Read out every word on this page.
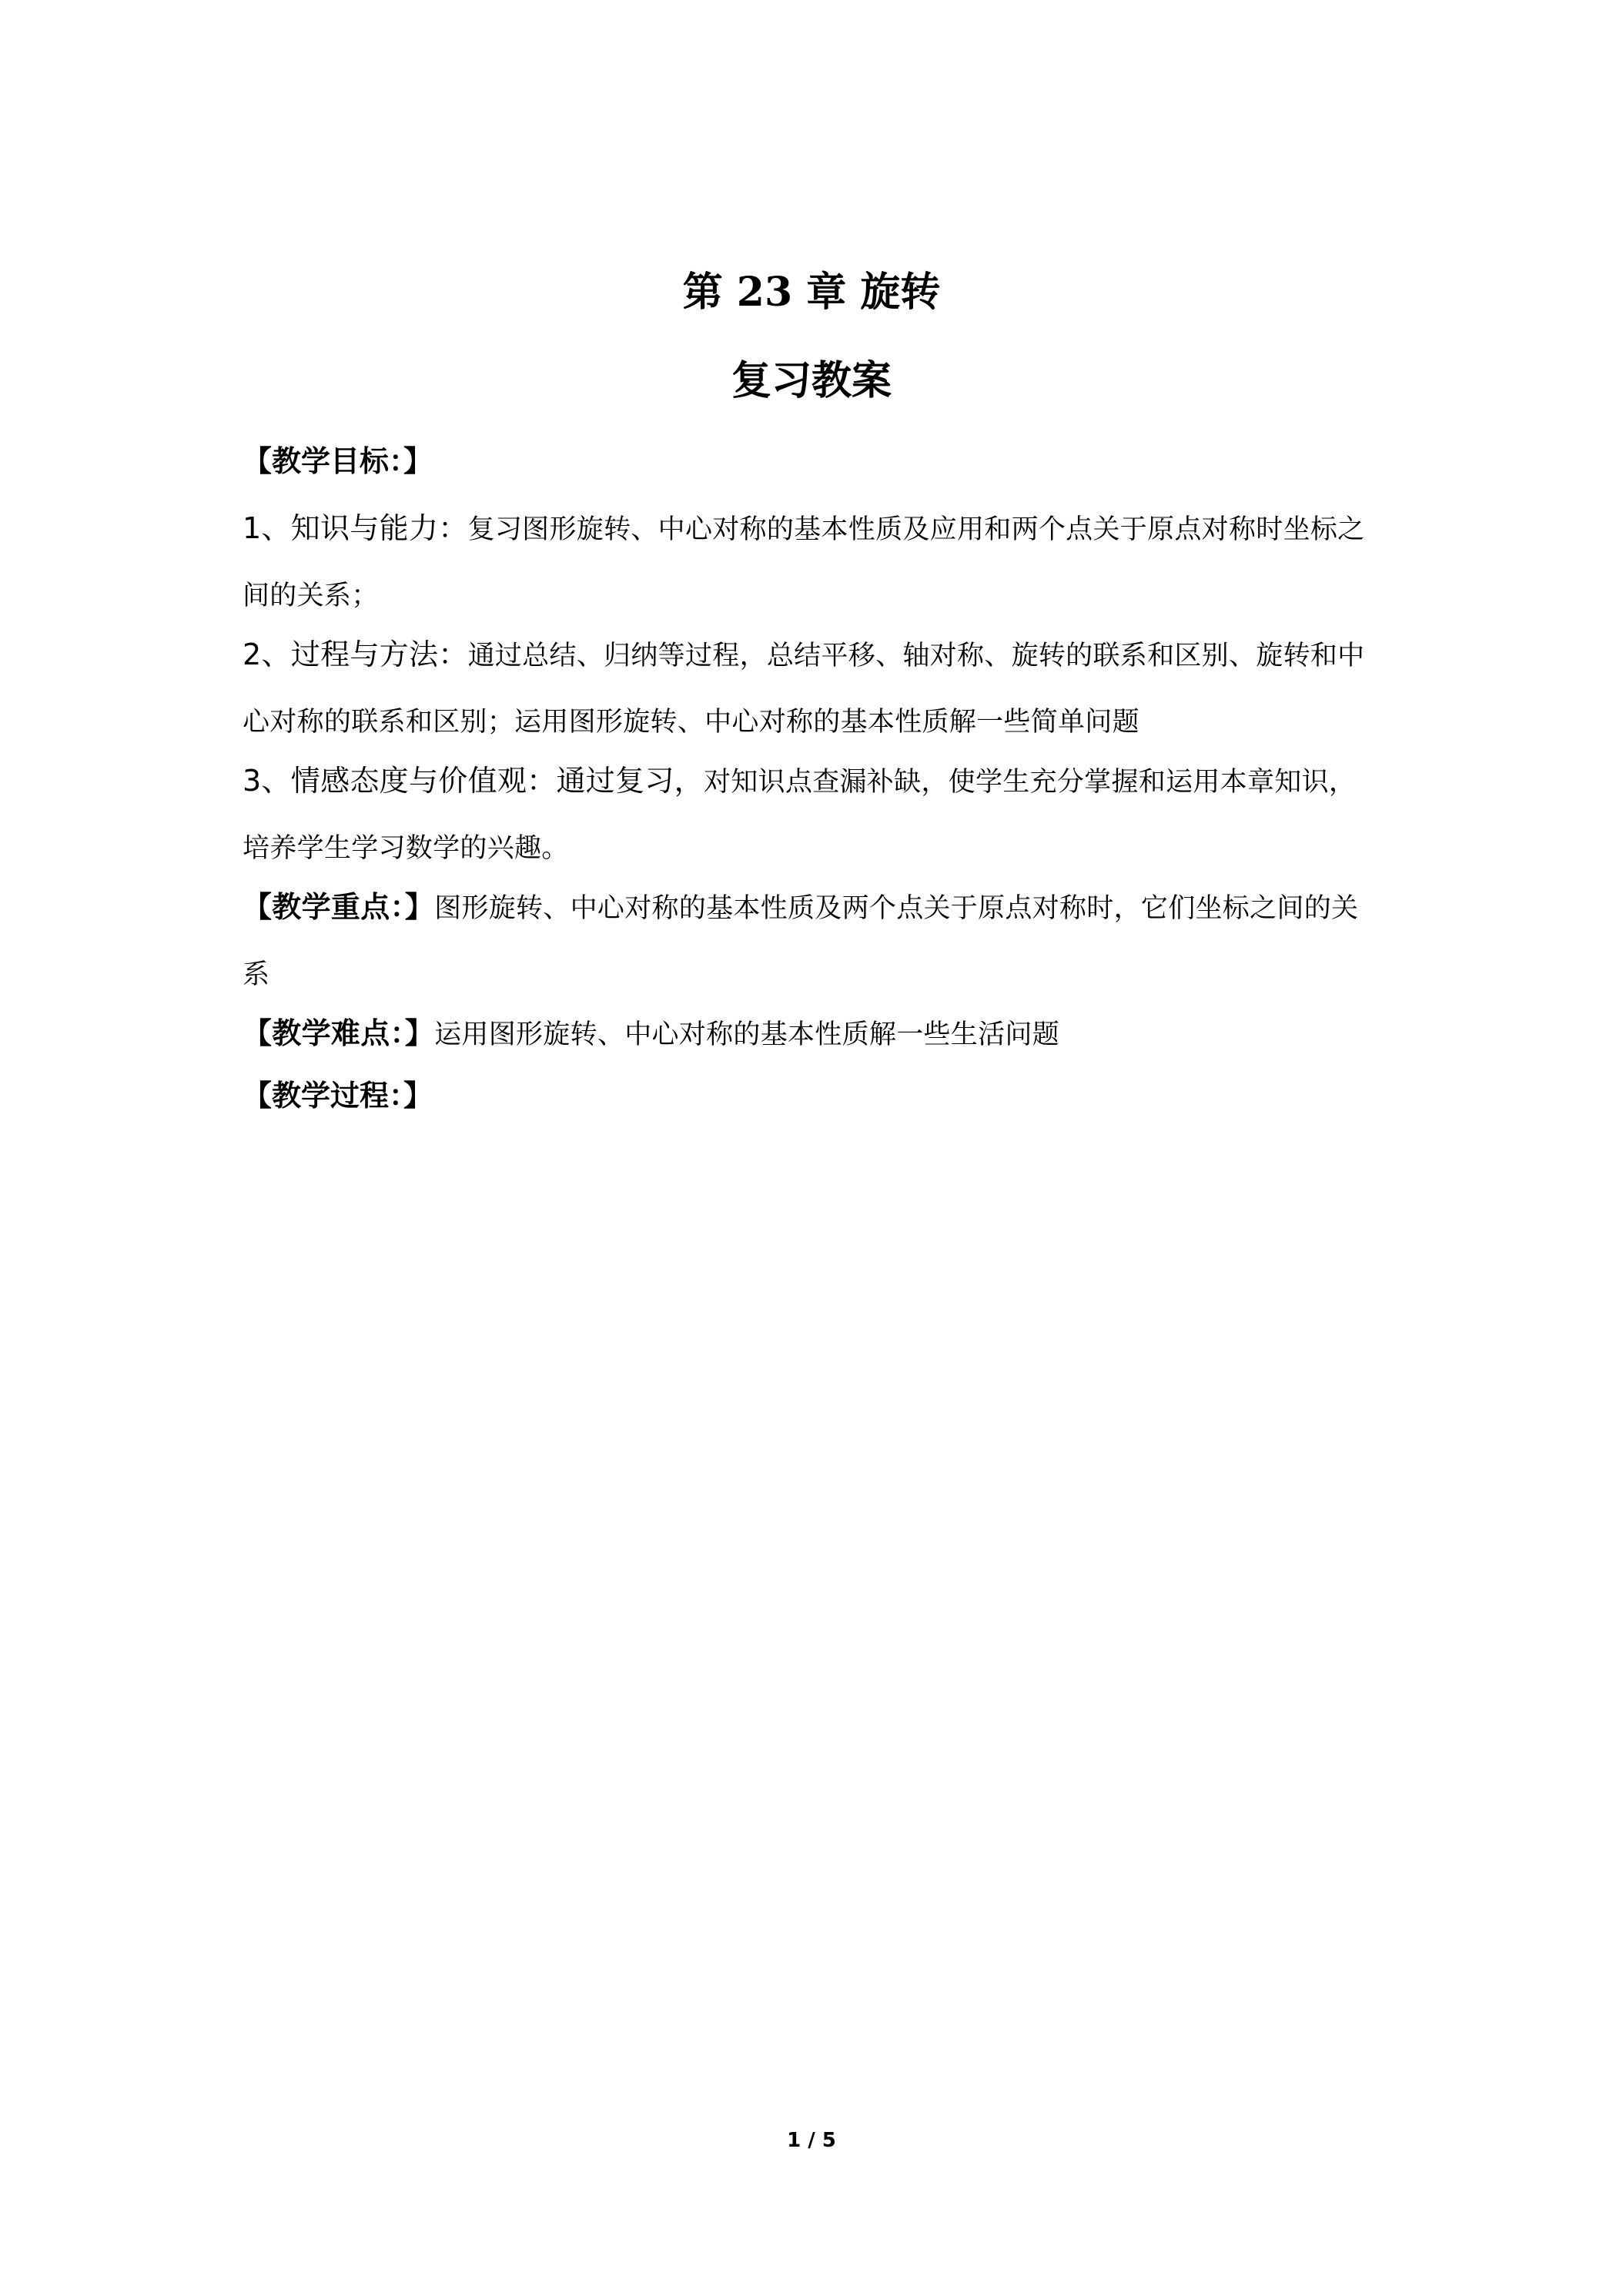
第 23 章 旋转
复习教案
【教学目标：】
1、知识与能力：复习图形旋转、中心对称的基本性质及应用和两个点关于原点对称时坐标之间的关系；
2、过程与方法：通过总结、归纳等过程，总结平移、轴对称、旋转的联系和区别、旋转和中心对称的联系和区别；运用图形旋转、中心对称的基本性质解一些简单问题
3、情感态度与价值观：通过复习，对知识点查漏补缺，使学生充分掌握和运用本章知识，培养学生学习数学的兴趣。
【教学重点：】图形旋转、中心对称的基本性质及两个点关于原点对称时，它们坐标之间的关系
【教学难点：】运用图形旋转、中心对称的基本性质解一些生活问题
【教学过程：】
1 / 5
